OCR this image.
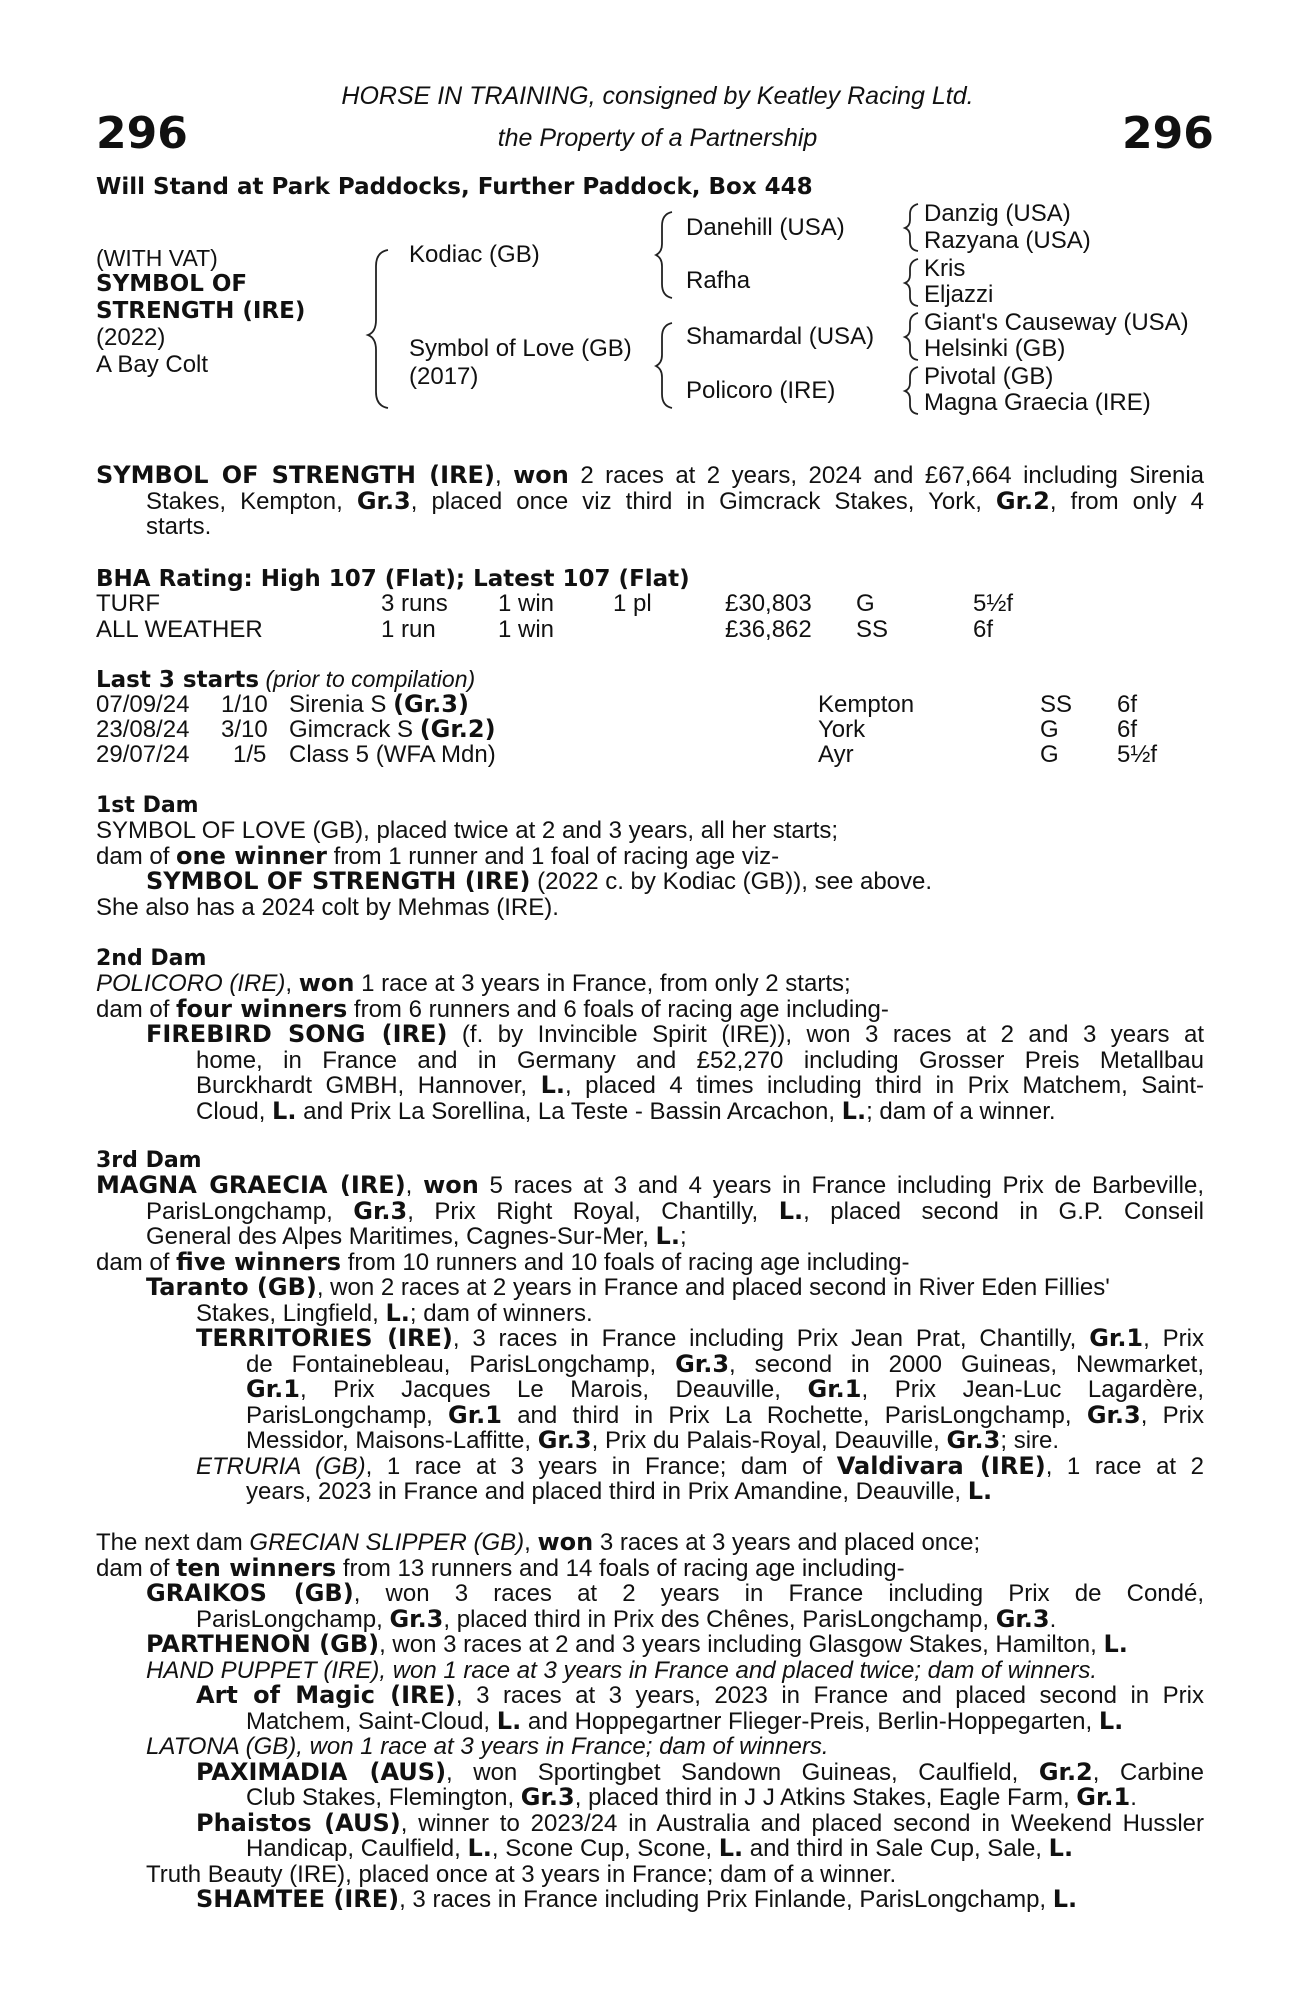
296	296
HORSE IN TRAINING, consigned by Keatley Racing Ltd.
the Property of a Partnership
Will Stand at Park Paddocks, Further Paddock, Box 448
(WITH VAT)
SYMBOL OF
STRENGTH (IRE)
(2022)
A Bay Colt
Kodiac (GB)
Symbol of Love (GB)
(2017)
Danehill (USA)
Rafha
Shamardal (USA)
Policoro (IRE)
Danzig (USA)
Razyana (USA)
Kris
Eljazzi
Giant's Causeway (USA)
Helsinki (GB)
Pivotal (GB)
Magna Graecia (IRE)
SYMBOL OF STRENGTH (IRE), won 2 races at 2 years, 2024 and £67,664 including Sirenia
Stakes, Kempton, Gr.3, placed once viz third in Gimcrack Stakes, York, Gr.2, from only 4
starts.
BHA Rating: High 107 (Flat); Latest 107 (Flat)
TURF	3 runs 1 win 1 pl	£30,803 G	5½f
ALL WEATHER	1 run	1 win	£36,862 SS	6f
Last 3 starts (prior to compilation)
07/09/24 1/10 Sirenia S (Gr.3)	Kempton	SS 6f
23/08/24 3/10 Gimcrack S (Gr.2)	York	G 6f
29/07/24 1/5 Class 5 (WFA Mdn)	Ayr	G 5½f
1st Dam
SYMBOL OF LOVE (GB), placed twice at 2 and 3 years, all her starts;
dam of one winner from 1 runner and 1 foal of racing age viz-
SYMBOL OF STRENGTH (IRE) (2022 c. by Kodiac (GB)), see above.
She also has a 2024 colt by Mehmas (IRE).
2nd Dam
POLICORO (IRE), won 1 race at 3 years in France, from only 2 starts;
dam of four winners from 6 runners and 6 foals of racing age including-
FIREBIRD SONG (IRE) (f. by Invincible Spirit (IRE)), won 3 races at 2 and 3 years at
home, in France and in Germany and £52,270 including Grosser Preis Metallbau
Burckhardt GMBH, Hannover, L., placed 4 times including third in Prix Matchem, Saint-
Cloud, L. and Prix La Sorellina, La Teste - Bassin Arcachon, L.; dam of a winner.
3rd Dam
MAGNA GRAECIA (IRE), won 5 races at 3 and 4 years in France including Prix de Barbeville,
ParisLongchamp, Gr.3, Prix Right Royal, Chantilly, L., placed second in G.P. Conseil
General des Alpes Maritimes, Cagnes-Sur-Mer, L.;
dam of five winners from 10 runners and 10 foals of racing age including-
Taranto (GB), won 2 races at 2 years in France and placed second in River Eden Fillies'
Stakes, Lingfield, L.; dam of winners.
TERRITORIES (IRE), 3 races in France including Prix Jean Prat, Chantilly, Gr.1, Prix
de Fontainebleau, ParisLongchamp, Gr.3, second in 2000 Guineas, Newmarket,
Gr.1, Prix Jacques Le Marois, Deauville, Gr.1, Prix Jean-Luc Lagardère,
ParisLongchamp, Gr.1 and third in Prix La Rochette, ParisLongchamp, Gr.3, Prix
Messidor, Maisons-Laffitte, Gr.3, Prix du Palais-Royal, Deauville, Gr.3; sire.
ETRURIA (GB), 1 race at 3 years in France; dam of Valdivara (IRE), 1 race at 2
years, 2023 in France and placed third in Prix Amandine, Deauville, L.
The next dam GRECIAN SLIPPER (GB), won 3 races at 3 years and placed once;
dam of ten winners from 13 runners and 14 foals of racing age including-
GRAIKOS (GB), won 3 races at 2 years in France including Prix de Condé,
ParisLongchamp, Gr.3, placed third in Prix des Chênes, ParisLongchamp, Gr.3.
PARTHENON (GB), won 3 races at 2 and 3 years including Glasgow Stakes, Hamilton, L.
HAND PUPPET (IRE), won 1 race at 3 years in France and placed twice; dam of winners.
Art of Magic (IRE), 3 races at 3 years, 2023 in France and placed second in Prix
Matchem, Saint-Cloud, L. and Hoppegartner Flieger-Preis, Berlin-Hoppegarten, L.
LATONA (GB), won 1 race at 3 years in France; dam of winners.
PAXIMADIA (AUS), won Sportingbet Sandown Guineas, Caulfield, Gr.2, Carbine
Club Stakes, Flemington, Gr.3, placed third in J J Atkins Stakes, Eagle Farm, Gr.1.
Phaistos (AUS), winner to 2023/24 in Australia and placed second in Weekend Hussler
Handicap, Caulfield, L., Scone Cup, Scone, L. and third in Sale Cup, Sale, L.
Truth Beauty (IRE), placed once at 3 years in France; dam of a winner.
SHAMTEE (IRE), 3 races in France including Prix Finlande, ParisLongchamp, L.
